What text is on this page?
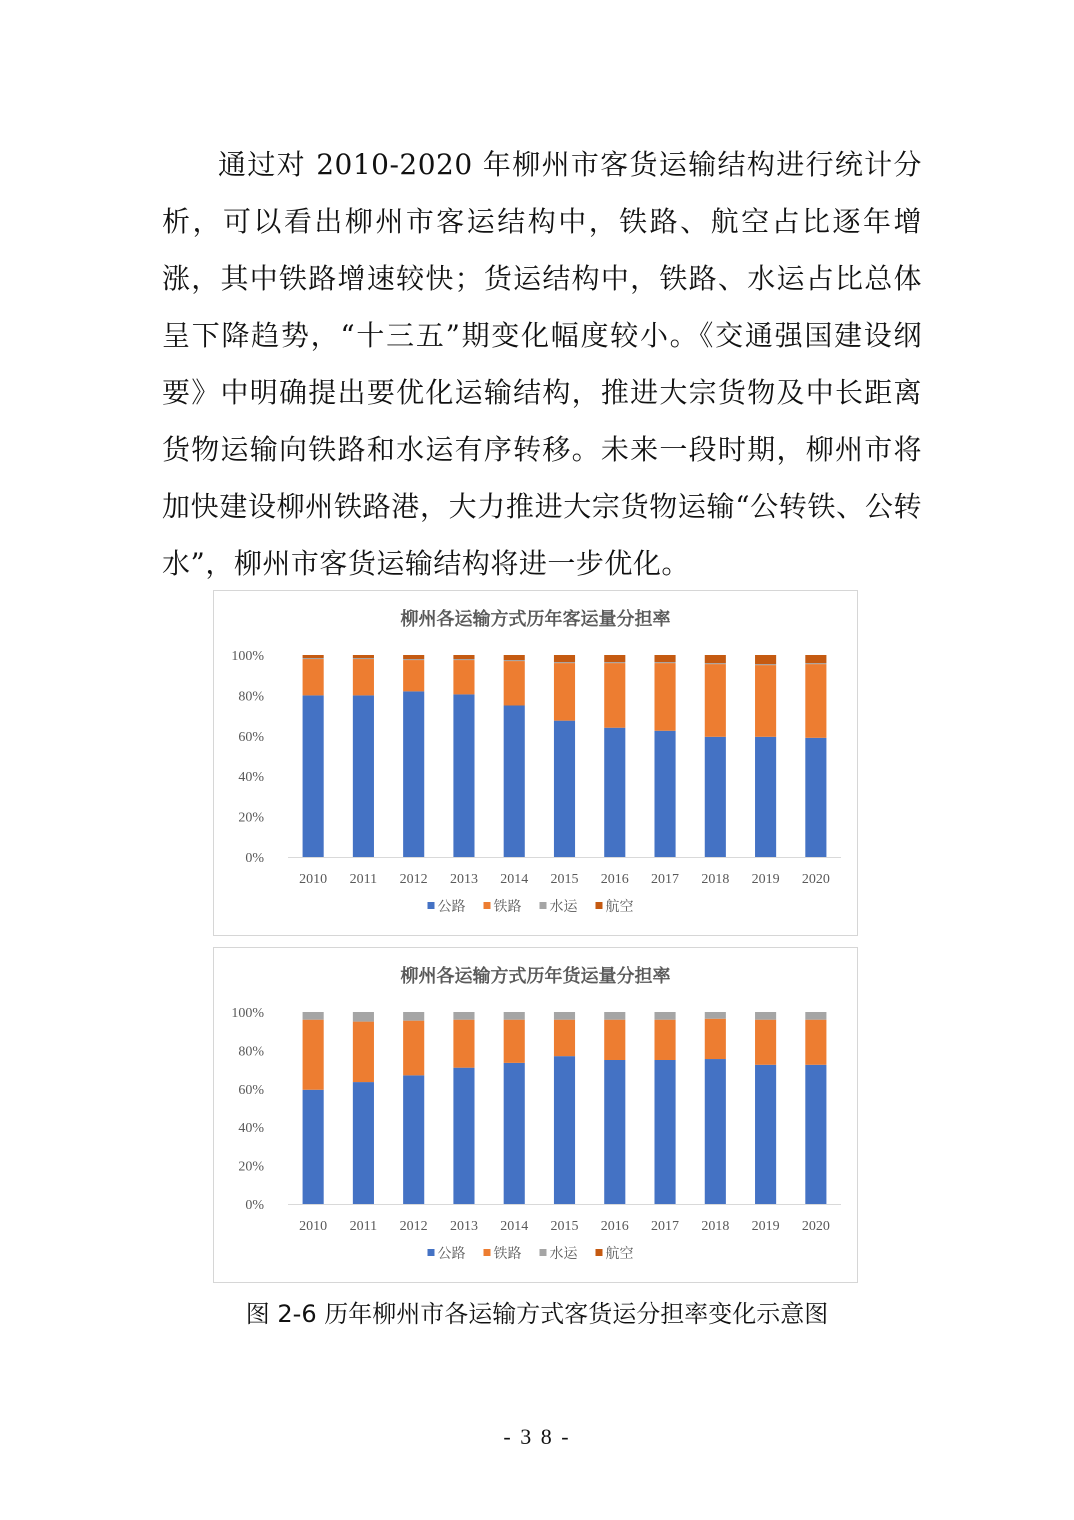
通过对 2010-2020 年柳州市客货运输结构进行统计分析，可以看出柳州市客运结构中，铁路、航空占比逐年增涨，其中铁路增速较快；货运结构中，铁路、水运占比总体呈下降趋势，“十三五”期变化幅度较小。《交通强国建设纲要》中明确提出要优化运输结构，推进大宗货物及中长距离货物运输向铁路和水运有序转移。未来一段时期，柳州市将加快建设柳州铁路港，大力推进大宗货物运输“公转铁、公转水”，柳州市客货运输结构将进一步优化。
柳州各运输方式历年客运量分担率
0%
20%
40%
60%
80%
100%
2010 2011 2012 2013 2014 2015 2016 2017 2018 2019 2020
公路 铁路 水运 航空
柳州各运输方式历年货运量分担率
0%
20%
40%
60%
80%
100%
2010 2011 2012 2013 2014 2015 2016 2017 2018 2019 2020
公路 铁路 水运 航空
图 2-6 历年柳州市各运输方式客货运分担率变化示意图
- 3 8 -
